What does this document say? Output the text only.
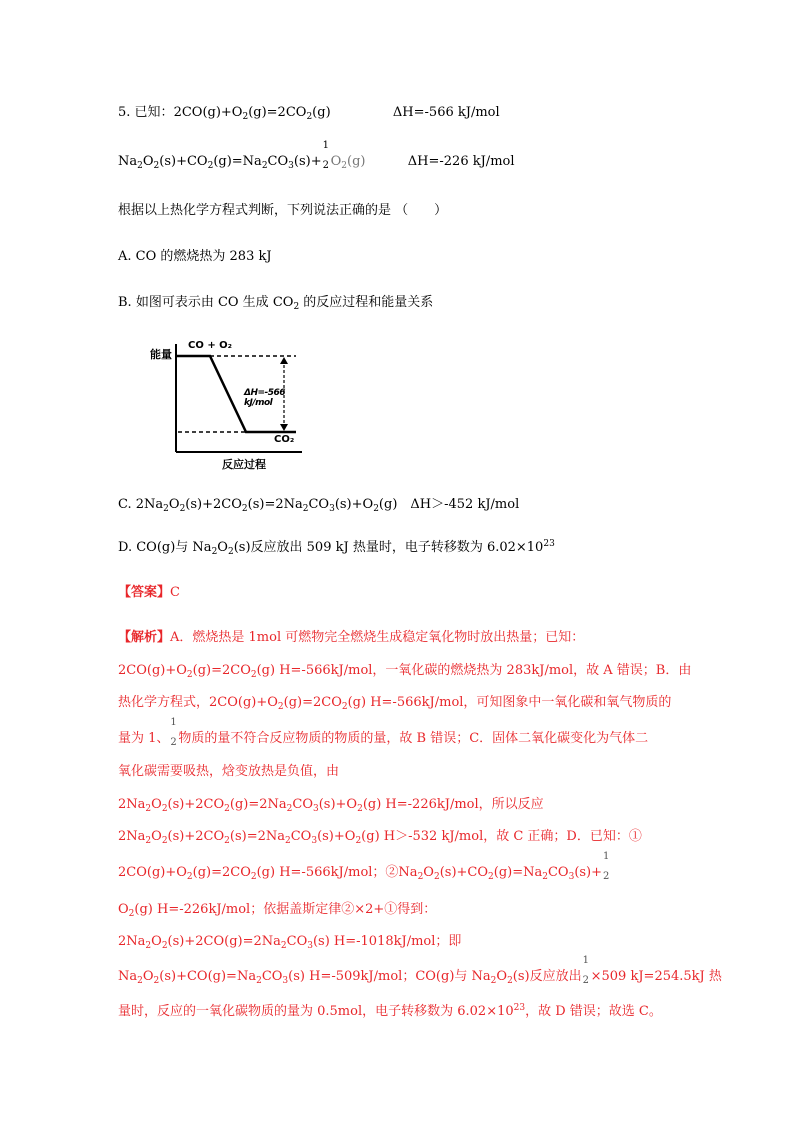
5. 已知：$2CO(g)+O_2(g)=2CO_2(g)$	ΔH=-566 kJ/mol
$Na_2O_2(s)+CO_2(g)=Na_2CO_3(s)+$
1
2 $O_2(g)$	ΔH=-226 kJ/mol
根据以上热化学方程式判断，下列说法正确的是 （　　）
A. CO 的燃烧热为 283 kJ
B. 如图可表示由 CO 生成 $CO_2$ 的反应过程和能量关系
能量
CO + O₂
ΔH=-566 kJ/mol
CO₂
反应过程
C. $2Na_2O_2(s)+2CO_2(s)=2Na_2CO_3(s)+O_2(g)$　ΔH＞-452 kJ/mol
D. CO(g)与 $Na_2O_2(s)$反应放出 509 kJ 热量时，电子转移数为 $6.02\times 10^{23}$
【答案】C
【解析】A．燃烧热是 1mol 可燃物完全燃烧生成稳定氧化物时放出热量；已知：
$2CO(g)+O_2(g)=2CO_2(g)$ H=-566kJ/mol，一氧化碳的燃烧热为 283kJ/mol，故 A 错误；B．由
热化学方程式，$2CO(g)+O_2(g)=2CO_2(g)$ H=-566kJ/mol，可知图象中一氧化碳和氧气物质的
量为 1、
1
2 物质的量不符合反应物质的物质的量，故 B 错误；C．固体二氧化碳变化为气体二
氧化碳需要吸热，焓变放热是负值，由
$2Na_2O_2(s)+2CO_2(g)=2Na_2CO_3(s)+O_2(g)$ H=-226kJ/mol，所以反应
$2Na_2O_2(s)+2CO_2(s)=2Na_2CO_3(s)+O_2(g)$ H＞-532 kJ/mol，故 C 正确；D．已知：①
$2CO(g)+O_2(g)=2CO_2(g)$ H=-566kJ/mol；$②Na_2O_2(s)+CO_2(g)=Na_2CO_3(s)+$
1
2
$O_2(g)$ H=-226kJ/mol；依据盖斯定律②×2+①得到：
$2Na_2O_2(s)+2CO(g)=2Na_2CO_3(s)$ H=-1018kJ/mol；即
$Na_2O_2(s)+CO(g)=Na_2CO_3(s)$ H=-509kJ/mol；CO(g)与 $Na_2O_2(s)$反应放出
1
2 ×509 kJ=254.5kJ 热
量时，反应的一氧化碳物质的量为 0.5mol，电子转移数为 $6.02\times 10^{23}$，故 D 错误；故选 C。
